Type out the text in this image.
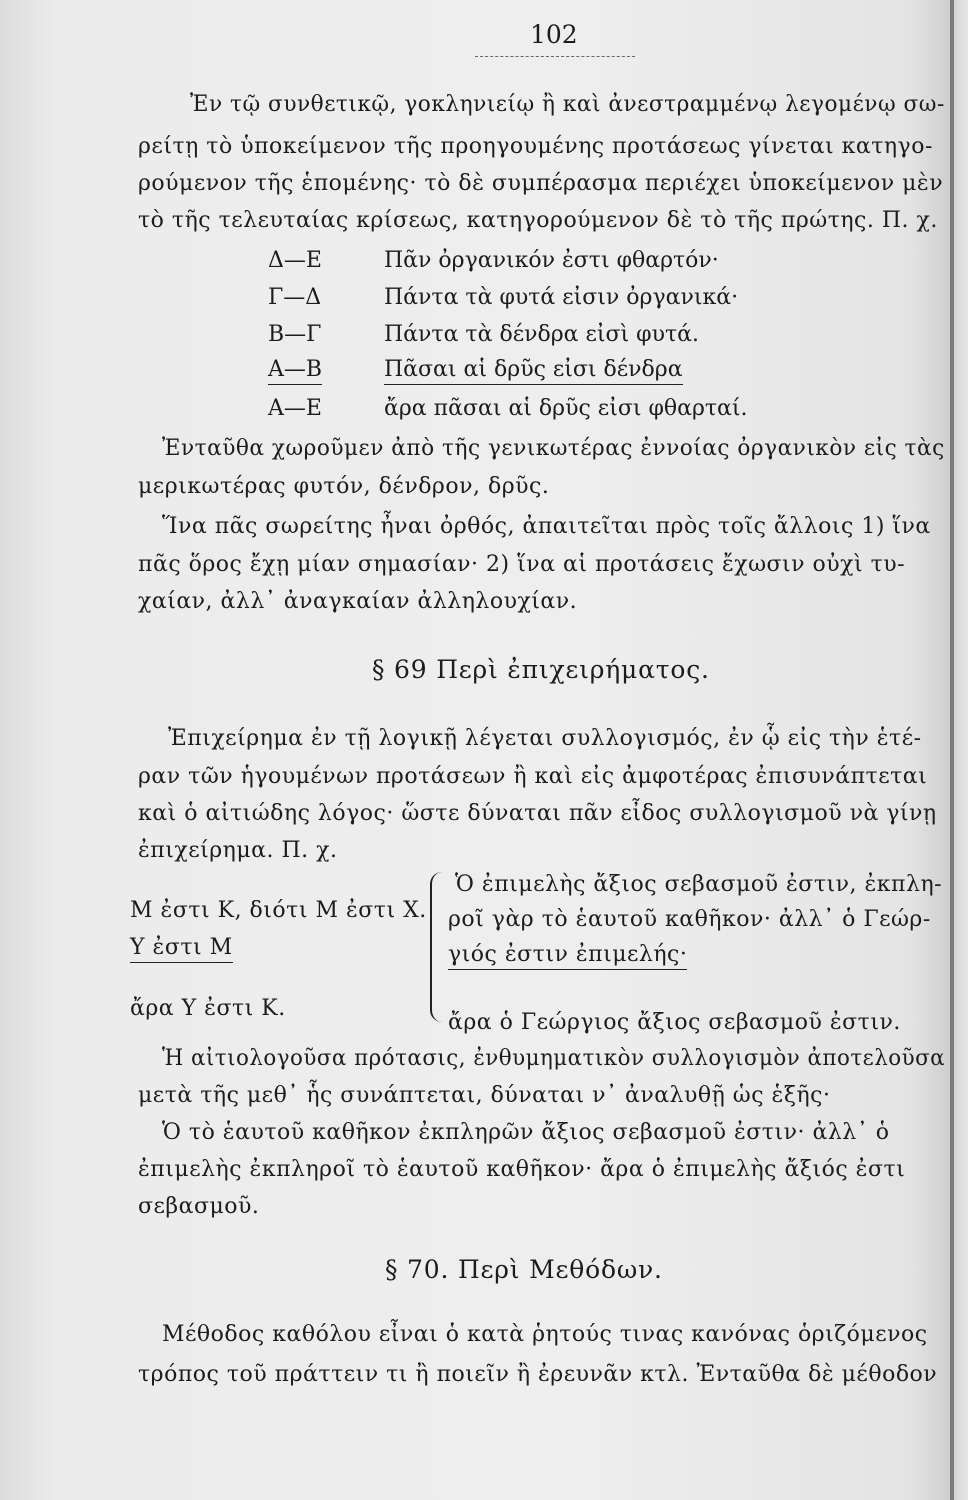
102
Ἐν τῷ συνθετικῷ, γοκληνιείῳ ἢ καὶ ἀνεστραμμένῳ λεγομένῳ σω-
ρείτῃ τὸ ὑποκείμενον τῆς προηγουμένης προτάσεως γίνεται κατηγο-
ρούμενον τῆς ἑπομένης· τὸ δὲ συμπέρασμα περιέχει ὑποκείμενον μὲν
τὸ τῆς τελευταίας κρίσεως, κατηγορούμενον δὲ τὸ τῆς πρώτης. Π. χ.
Δ—Ε	Πᾶν ὀργανικόν ἐστι φθαρτόν·
Γ—Δ	Πάντα τὰ φυτά εἰσιν ὀργανικά·
Β—Γ	Πάντα τὰ δένδρα εἰσὶ φυτά.
Α—Β	Πᾶσαι αἱ δρῦς εἰσι δένδρα
Α—Ε	ἄρα πᾶσαι αἱ δρῦς εἰσι φθαρταί.
Ἐνταῦθα χωροῦμεν ἀπὸ τῆς γενικωτέρας ἐννοίας ὀργανικὸν εἰς τὰς
μερικωτέρας φυτόν, δένδρον, δρῦς.
Ἵνα πᾶς σωρείτης ἦναι ὀρθός, ἀπαιτεῖται πρὸς τοῖς ἄλλοις 1) ἵνα
πᾶς ὅρος ἔχῃ μίαν σημασίαν· 2) ἵνα αἱ προτάσεις ἔχωσιν οὐχὶ τυ-
χαίαν, ἀλλ᾽ ἀναγκαίαν ἀλληλουχίαν.
§ 69 Περὶ ἐπιχειρήματος.
Ἐπιχείρημα ἐν τῇ λογικῇ λέγεται συλλογισμός, ἐν ᾧ εἰς τὴν ἑτέ-
ραν τῶν ἡγουμένων προτάσεων ἢ καὶ εἰς ἀμφοτέρας ἐπισυνάπτεται
καὶ ὁ αἰτιώδης λόγος· ὥστε δύναται πᾶν εἶδος συλλογισμοῦ νὰ γίνῃ
ἐπιχείρημα. Π. χ.
Μ ἐστι Κ, διότι Μ ἐστι Χ.
Υ ἐστι Μ
ἄρα Υ ἐστι Κ.
Ὁ ἐπιμελὴς ἄξιος σεβασμοῦ ἐστιν, ἐκπλη-
ροῖ γὰρ τὸ ἑαυτοῦ καθῆκον· ἀλλ᾽ ὁ Γεώρ-
γιός ἐστιν ἐπιμελής·
ἄρα ὁ Γεώργιος ἄξιος σεβασμοῦ ἐστιν.
Ἡ αἰτιολογοῦσα πρότασις, ἐνθυμηματικὸν συλλογισμὸν ἀποτελοῦσα
μετὰ τῆς μεθ᾽ ἧς συνάπτεται, δύναται ν᾽ ἀναλυθῇ ὡς ἑξῆς·
Ὁ τὸ ἑαυτοῦ καθῆκον ἐκπληρῶν ἄξιος σεβασμοῦ ἐστιν· ἀλλ᾽ ὁ
ἐπιμελὴς ἐκπληροῖ τὸ ἑαυτοῦ καθῆκον· ἄρα ὁ ἐπιμελὴς ἄξιός ἐστι
σεβασμοῦ.
§ 70. Περὶ Μεθόδων.
Μέθοδος καθόλου εἶναι ὁ κατὰ ῥητούς τινας κανόνας ὁριζόμενος
τρόπος τοῦ πράττειν τι ἢ ποιεῖν ἢ ἐρευνᾶν κτλ. Ἐνταῦθα δὲ μέθοδον
